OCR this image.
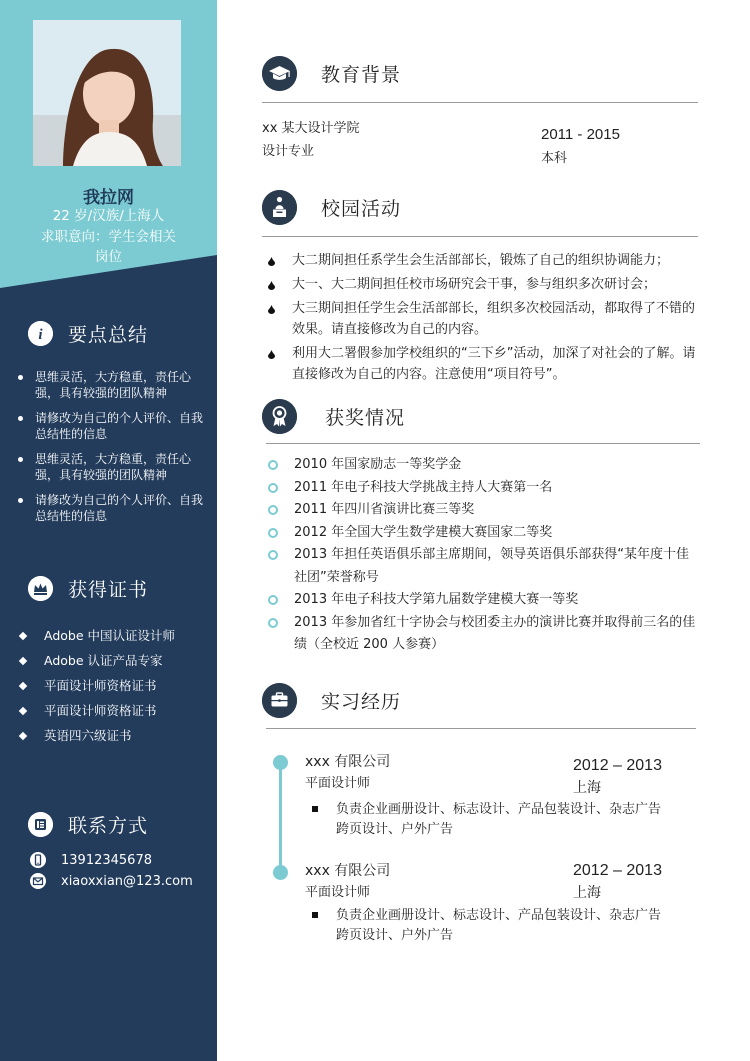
我拉网
22 岁/汉族/上海人
求职意向：学生会相关
岗位
i 要点总结
思维灵活，大方稳重，责任心强，具有较强的团队精神
请修改为自己的个人评价、自我总结性的信息
思维灵活，大方稳重，责任心强，具有较强的团队精神
请修改为自己的个人评价、自我总结性的信息
获得证书
Adobe 中国认证设计师
Adobe 认证产品专家
平面设计师资格证书
平面设计师资格证书
英语四六级证书
联系方式
13912345678
xiaoxxian@123.com
教育背景
xx 某大设计学院
设计专业
2011 - 2015
本科
校园活动
大二期间担任系学生会生活部部长，锻炼了自己的组织协调能力；
大一、大二期间担任校市场研究会干事，参与组织多次研讨会；
大三期间担任学生会生活部部长，组织多次校园活动，都取得了不错的效果。请直接修改为自己的内容。
利用大二署假参加学校组织的“三下乡”活动，加深了对社会的了解。请直接修改为自己的内容。注意使用“项目符号”。
获奖情况
2010 年国家励志一等奖学金
2011 年电子科技大学挑战主持人大赛第一名
2011 年四川省演讲比赛三等奖
2012 年全国大学生数学建模大赛国家二等奖
2013 年担任英语俱乐部主席期间，领导英语俱乐部获得“某年度十佳社团”荣誉称号
2013 年电子科技大学第九届数学建模大赛一等奖
2013 年参加省红十字协会与校团委主办的演讲比赛并取得前三名的佳绩（全校近 200 人参赛）
实习经历
xxx 有限公司
平面设计师
2012 – 2013
上海
负责企业画册设计、标志设计、产品包装设计、杂志广告跨页设计、户外广告
xxx 有限公司
平面设计师
2012 – 2013
上海
负责企业画册设计、标志设计、产品包装设计、杂志广告跨页设计、户外广告
